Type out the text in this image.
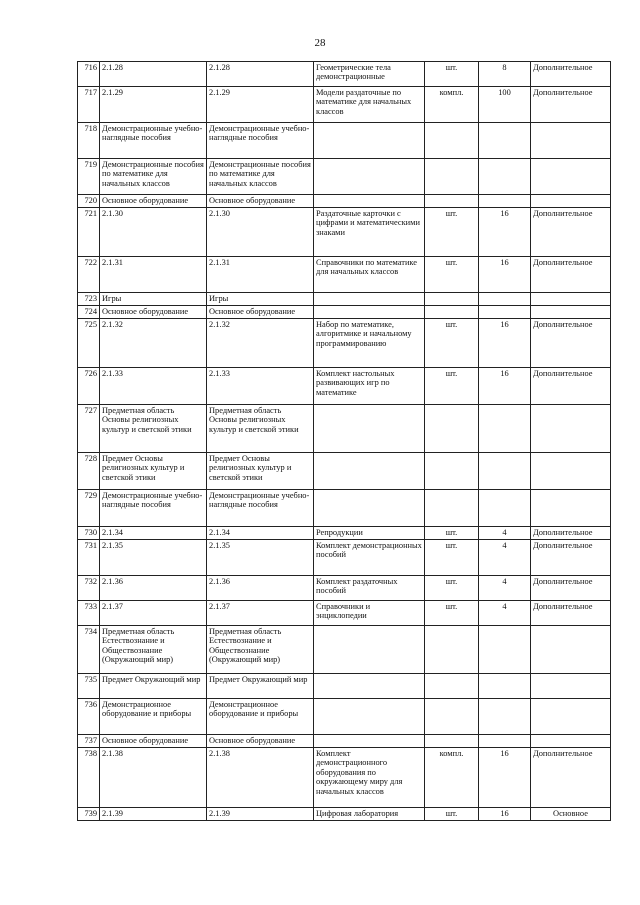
28
716	2.1.28	2.1.28	Геометрические тела демонстрационные	шт.	8	Дополнительное
717	2.1.29	2.1.29	Модели раздаточные по математике для начальных классов	компл.	100	Дополнительное
718	Демонстрационные учебно-наглядные пособия	Демонстрационные учебно-наглядные пособия				
719	Демонстрационные пособия по математике для начальных классов	Демонстрационные пособия по математике для начальных классов				
720	Основное оборудование	Основное оборудование				
721	2.1.30	2.1.30	Раздаточные карточки с цифрами и математическими знаками	шт.	16	Дополнительное
722	2.1.31	2.1.31	Справочники по математике для начальных классов	шт.	16	Дополнительное
723	Игры	Игры				
724	Основное оборудование	Основное оборудование				
725	2.1.32	2.1.32	Набор по математике, алгоритмике и начальному программированию	шт.	16	Дополнительное
726	2.1.33	2.1.33	Комплект настольных развивающих игр по математике	шт.	16	Дополнительное
727	Предметная область Основы религиозных культур и светской этики	Предметная область Основы религиозных культур и светской этики				
728	Предмет Основы религиозных культур и светской этики	Предмет Основы религиозных культур и светской этики				
729	Демонстрационные учебно-наглядные пособия	Демонстрационные учебно-наглядные пособия				
730	2.1.34	2.1.34	Репродукции	шт.	4	Дополнительное
731	2.1.35	2.1.35	Комплект демонстрационных пособий	шт.	4	Дополнительное
732	2.1.36	2.1.36	Комплект раздаточных пособий	шт.	4	Дополнительное
733	2.1.37	2.1.37	Справочники и энциклопедии	шт.	4	Дополнительное
734	Предметная область Естествознание и Обществознание (Окружающий мир)	Предметная область Естествознание и Обществознание (Окружающий мир)				
735	Предмет Окружающий мир	Предмет Окружающий мир				
736	Демонстрационное оборудование и приборы	Демонстрационное оборудование и приборы				
737	Основное оборудование	Основное оборудование				
738	2.1.38	2.1.38	Комплект демонстрационного оборудования по окружающему миру для начальных классов	компл.	16	Дополнительное
739	2.1.39	2.1.39	Цифровая лаборатория	шт.	16	Основное
